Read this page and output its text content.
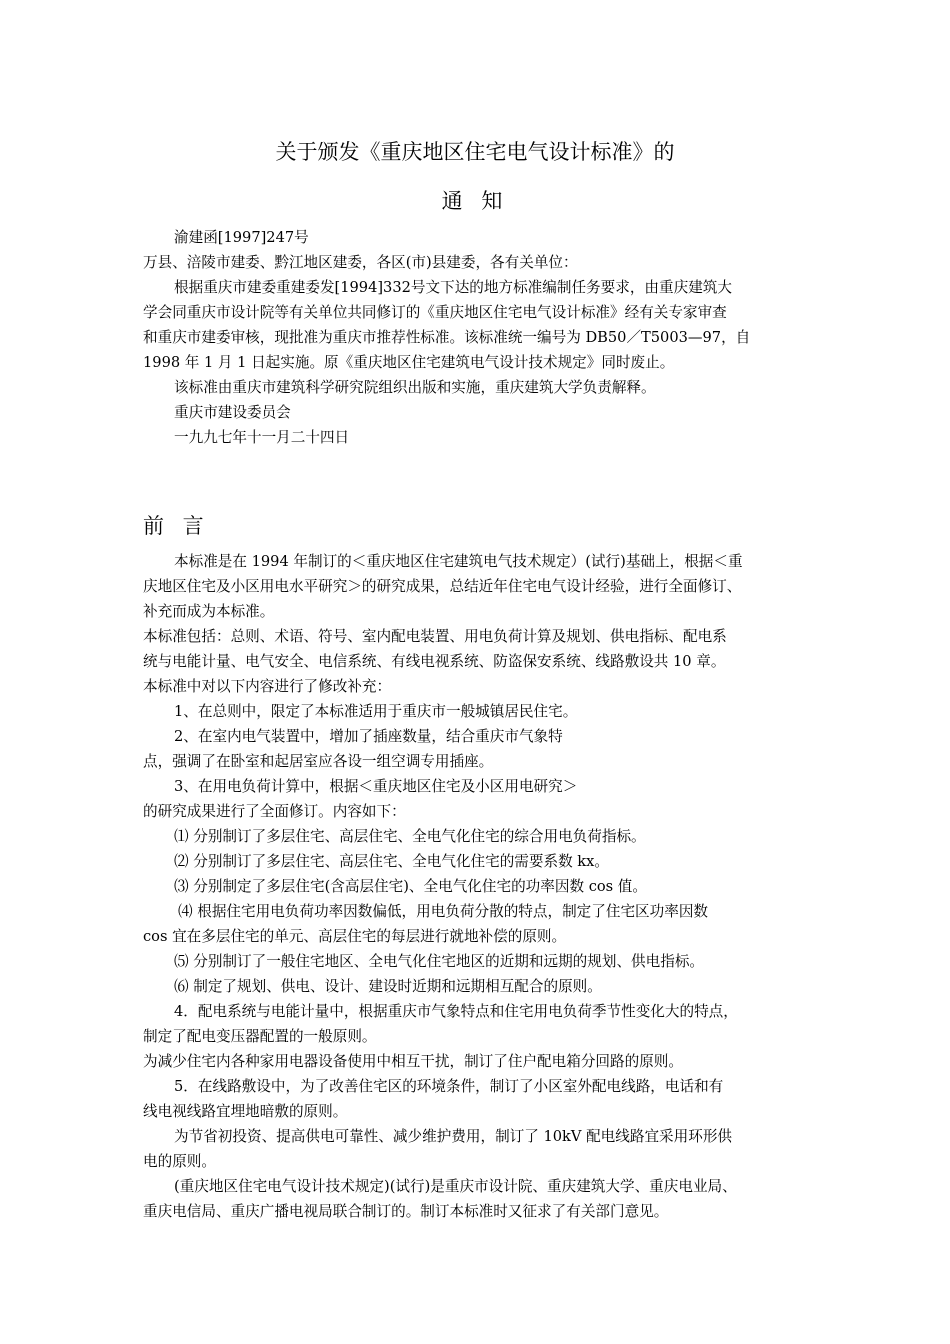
关于颁发《重庆地区住宅电气设计标准》的
通 知
渝建函[1997]247号
万县、涪陵市建委、黔江地区建委，各区(市)县建委，各有关单位：
根据重庆市建委重建委发[1994]332号文下达的地方标准编制任务要求，由重庆建筑大
学会同重庆市设计院等有关单位共同修订的《重庆地区住宅电气设计标准》经有关专家审查
和重庆市建委审核，现批准为重庆市推荐性标准。该标准统一编号为 DB50／T5003—97，自
1998 年 1 月 1 日起实施。原《重庆地区住宅建筑电气设计技术规定》同时废止。
该标准由重庆市建筑科学研究院组织出版和实施，重庆建筑大学负责解释。
重庆市建设委员会
一九九七年十一月二十四日
前 言
本标准是在 1994 年制订的＜重庆地区住宅建筑电气技术规定）(试行)基础上，根据＜重
庆地区住宅及小区用电水平研究＞的研究成果，总结近年住宅电气设计经验，进行全面修订、
补充而成为本标准。
本标准包括：总则、术语、符号、室内配电装置、用电负荷计算及规划、供电指标、配电系
统与电能计量、电气安全、电信系统、有线电视系统、防盗保安系统、线路敷设共 10 章。
本标准中对以下内容进行了修改补充：
1、在总则中，限定了本标准适用于重庆市一般城镇居民住宅。
2、在室内电气装置中，增加了插座数量，结合重庆市气象特
点，强调了在卧室和起居室应各设一组空调专用插座。
3、在用电负荷计算中，根据＜重庆地区住宅及小区用电研究＞
的研究成果进行了全面修订。内容如下：
⑴ 分别制订了多层住宅、高层住宅、全电气化住宅的综合用电负荷指标。
⑵ 分别制订了多层住宅、高层住宅、全电气化住宅的需要系数 kx。
⑶ 分别制定了多层住宅(含高层住宅)、全电气化住宅的功率因数 cos 值。
⑷ 根据住宅用电负荷功率因数偏低，用电负荷分散的特点，制定了住宅区功率因数
cos 宜在多层住宅的单元、高层住宅的每层进行就地补偿的原则。
⑸ 分别制订了一般住宅地区、全电气化住宅地区的近期和远期的规划、供电指标。
⑹ 制定了规划、供电、设计、建设时近期和远期相互配合的原则。
4．配电系统与电能计量中，根据重庆市气象特点和住宅用电负荷季节性变化大的特点，
制定了配电变压器配置的一般原则。
为减少住宅内各种家用电器设备使用中相互干扰，制订了住户配电箱分回路的原则。
5．在线路敷设中，为了改善住宅区的环境条件，制订了小区室外配电线路，电话和有
线电视线路宜埋地暗敷的原则。
为节省初投资、提高供电可靠性、减少维护费用，制订了 10kV 配电线路宜采用环形供
电的原则。
(重庆地区住宅电气设计技术规定)(试行)是重庆市设计院、重庆建筑大学、重庆电业局、
重庆电信局、重庆广播电视局联合制订的。制订本标准时又征求了有关部门意见。
